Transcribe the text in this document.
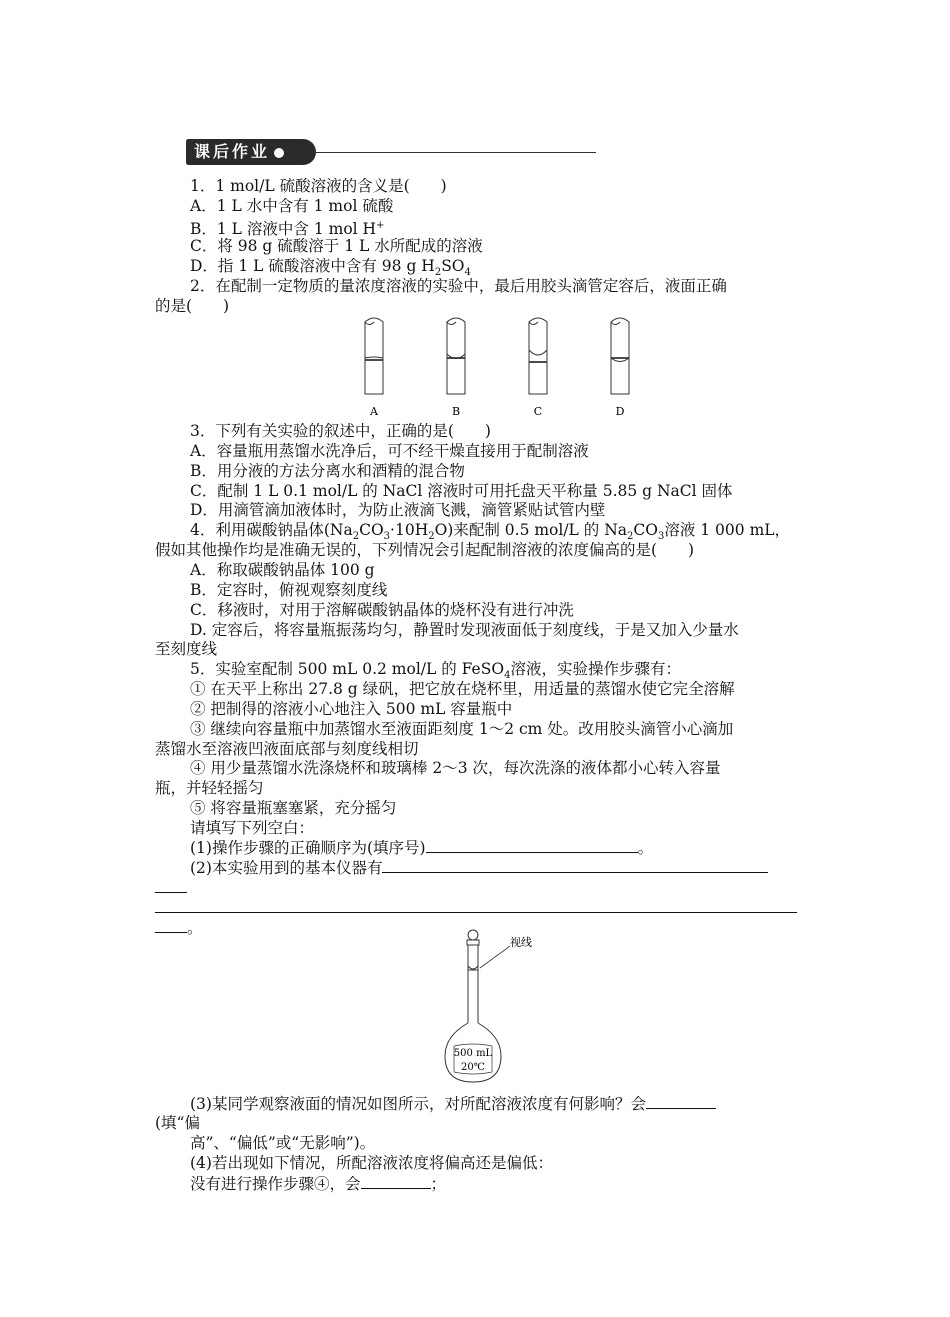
课后作业
1．1 mol/L 硫酸溶液的含义是(　　)
A．1 L 水中含有 1 mol 硫酸
B．1 L 溶液中含 1 mol H+
C．将 98 g 硫酸溶于 1 L 水所配成的溶液
D．指 1 L 硫酸溶液中含有 98 g $H_2SO_4$
2．在配制一定物质的量浓度溶液的实验中，最后用胶头滴管定容后，液面正确
的是(　　)
A	B	C	D
3．下列有关实验的叙述中，正确的是(　　)
A．容量瓶用蒸馏水洗净后，可不经干燥直接用于配制溶液
B．用分液的方法分离水和酒精的混合物
C．配制 1 L 0.1 mol/L 的 NaCl 溶液时可用托盘天平称量 5.85 g NaCl 固体
D．用滴管滴加液体时，为防止液滴飞溅，滴管紧贴试管内壁
4．利用碳酸钠晶体$(Na_2CO_3\cdot 10H_2O)$来配制 0.5 mol/L 的 $Na_2CO_3$溶液 1 000 mL，
假如其他操作均是准确无误的，下列情况会引起配制溶液的浓度偏高的是(　　)
A．称取碳酸钠晶体 100 g
B．定容时，俯视观察刻度线
C．移液时，对用于溶解碳酸钠晶体的烧杯没有进行冲洗
D. 定容后，将容量瓶振荡均匀，静置时发现液面低于刻度线，于是又加入少量水
至刻度线
5．实验室配制 500 mL 0.2 mol/L 的 FeSO$_4$溶液，实验操作步骤有：
① 在天平上称出 27.8 g 绿矾，把它放在烧杯里，用适量的蒸馏水使它完全溶解
② 把制得的溶液小心地注入 500 mL 容量瓶中
③ 继续向容量瓶中加蒸馏水至液面距刻度 1～2 cm 处。改用胶头滴管小心滴加
蒸馏水至溶液凹液面底部与刻度线相切
④ 用少量蒸馏水洗涤烧杯和玻璃棒 2～3 次，每次洗涤的液体都小心转入容量
瓶，并轻轻摇匀
⑤ 将容量瓶塞塞紧，充分摇匀
请填写下列空白：
(1)操作步骤的正确顺序为(填序号)	。
(2)本实验用到的基本仪器有
。
视线
500 mL
20℃
(3)某同学观察液面的情况如图所示，对所配溶液浓度有何影响？会
(填“偏
高”、“偏低”或“无影响”)。
(4)若出现如下情况，所配溶液浓度将偏高还是偏低：
没有进行操作步骤④，会	；
